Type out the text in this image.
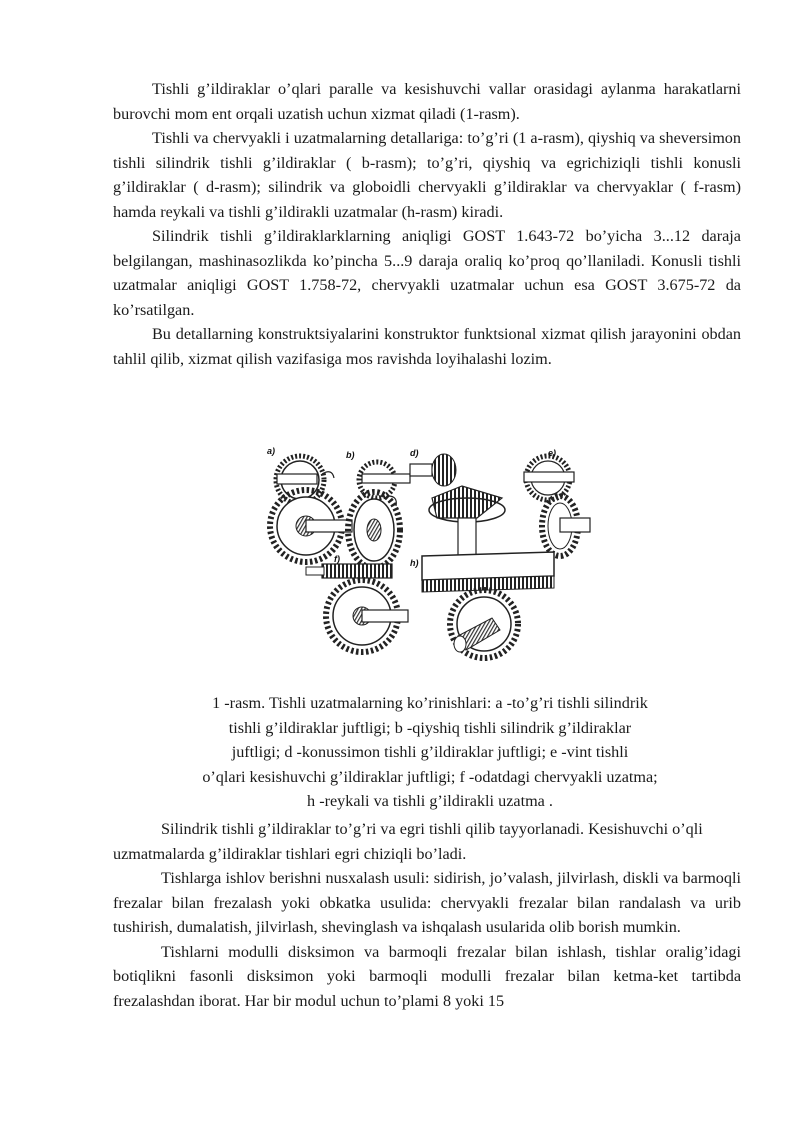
Tishli g’ildiraklar o’qlari paralle va kesishuvchi vallar orasidagi aylanma harakatlarni burovchi mom ent orqali uzatish uchun xizmat qiladi (1-rasm).

Tishli va chervyakli i uzatmalarning detallariga: to’g’ri (1 a-rasm), qiyshiq va sheversimon tishli silindrik tishli g’ildiraklar ( b-rasm); to’g’ri, qiyshiq va egrichiziqli tishli konusli g’ildiraklar ( d-rasm); silindrik va globoidli chervyakli g’ildiraklar va chervyaklar ( f-rasm) hamda reykali va tishli g’ildirakli uzatmalar (h-rasm) kiradi.

Silindrik tishli g’ildiraklarklarning aniqligi GOST 1.643-72 bo’yicha 3...12 daraja belgilangan, mashinasozlikda ko’pincha 5...9 daraja oraliq ko’proq qo’llaniladi. Konusli tishli uzatmalar aniqligi GOST 1.758-72, chervyakli uzatmalar uchun esa GOST 3.675-72 da ko’rsatilgan.

Bu detallarning konstruktsiyalarini konstruktor funktsional xizmat qilish jarayonini obdan tahlil qilib, xizmat qilish vazifasiga mos ravishda loyihalashi lozim.

a)	b)	d)	e)
f)	h)
1 -rasm. Tishli uzatmalarning ko’rinishlari: a -to’g’ri tishli silindrik
tishli g’ildiraklar juftligi; b -qiyshiq tishli silindrik g’ildiraklar
juftligi; d -konussimon tishli g’ildiraklar juftligi; e -vint tishli
o’qlari kesishuvchi g’ildiraklar juftligi; f -odatdagi chervyakli uzatma;
h -reykali va tishli g’ildirakli uzatma .

Silindrik tishli g’ildiraklar to’g’ri va egri tishli qilib tayyorlanadi. Kesishuvchi o’qli uzmatmalarda g’ildiraklar tishlari egri chiziqli bo’ladi.

Tishlarga ishlov berishni nusxalash usuli: sidirish, jo’valash, jilvirlash, diskli va barmoqli frezalar bilan frezalash yoki obkatka usulida: chervyakli frezalar bilan randalash va urib tushirish, dumalatish, jilvirlash, shevinglash va ishqalash usularida olib borish mumkin.

Tishlarni modulli disksimon va barmoqli frezalar bilan ishlash, tishlar oralig’idagi botiqlikni fasonli disksimon yoki barmoqli modulli frezalar bilan ketma-ket tartibda frezalashdan iborat. Har bir modul uchun to’plami 8 yoki 15
